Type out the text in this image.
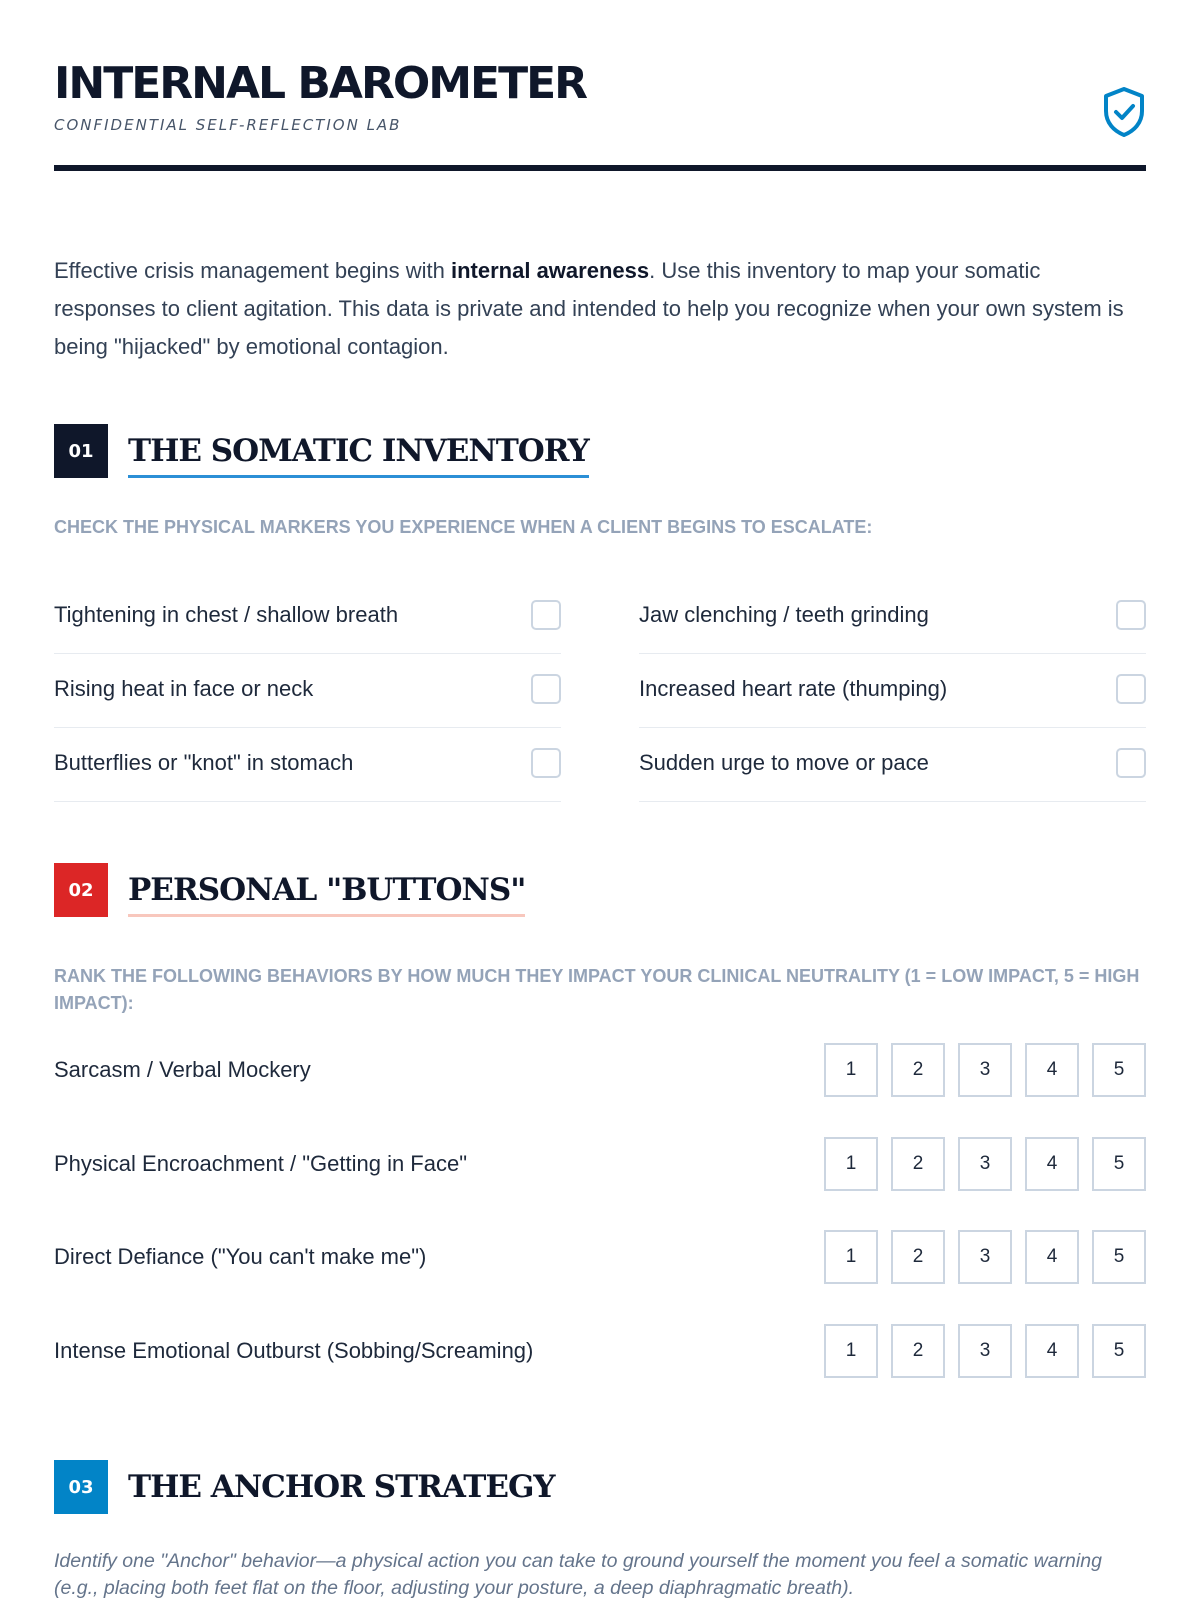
INTERNAL BAROMETER
CONFIDENTIAL SELF-REFLECTION LAB

Effective crisis management begins with internal awareness. Use this inventory to map your somatic responses to client agitation. This data is private and intended to help you recognize when your own system is being "hijacked" by emotional contagion.

01	THE SOMATIC INVENTORY
CHECK THE PHYSICAL MARKERS YOU EXPERIENCE WHEN A CLIENT BEGINS TO ESCALATE:
Tightening in chest / shallow breath	Jaw clenching / teeth grinding
Rising heat in face or neck	Increased heart rate (thumping)
Butterflies or "knot" in stomach	Sudden urge to move or pace
02	PERSONAL "BUTTONS"
RANK THE FOLLOWING BEHAVIORS BY HOW MUCH THEY IMPACT YOUR CLINICAL NEUTRALITY (1 = LOW IMPACT, 5 = HIGH IMPACT):
Sarcasm / Verbal Mockery	1	2	3	4	5
Physical Encroachment / "Getting in Face"	1	2	3	4	5
Direct Defiance ("You can't make me")	1	2	3	4	5
Intense Emotional Outburst (Sobbing/Screaming)	1	2	3	4	5
03	THE ANCHOR STRATEGY

Identify one "Anchor" behavior—a physical action you can take to ground yourself the moment you feel a somatic warning (e.g., placing both feet flat on the floor, adjusting your posture, a deep diaphragmatic breath).
